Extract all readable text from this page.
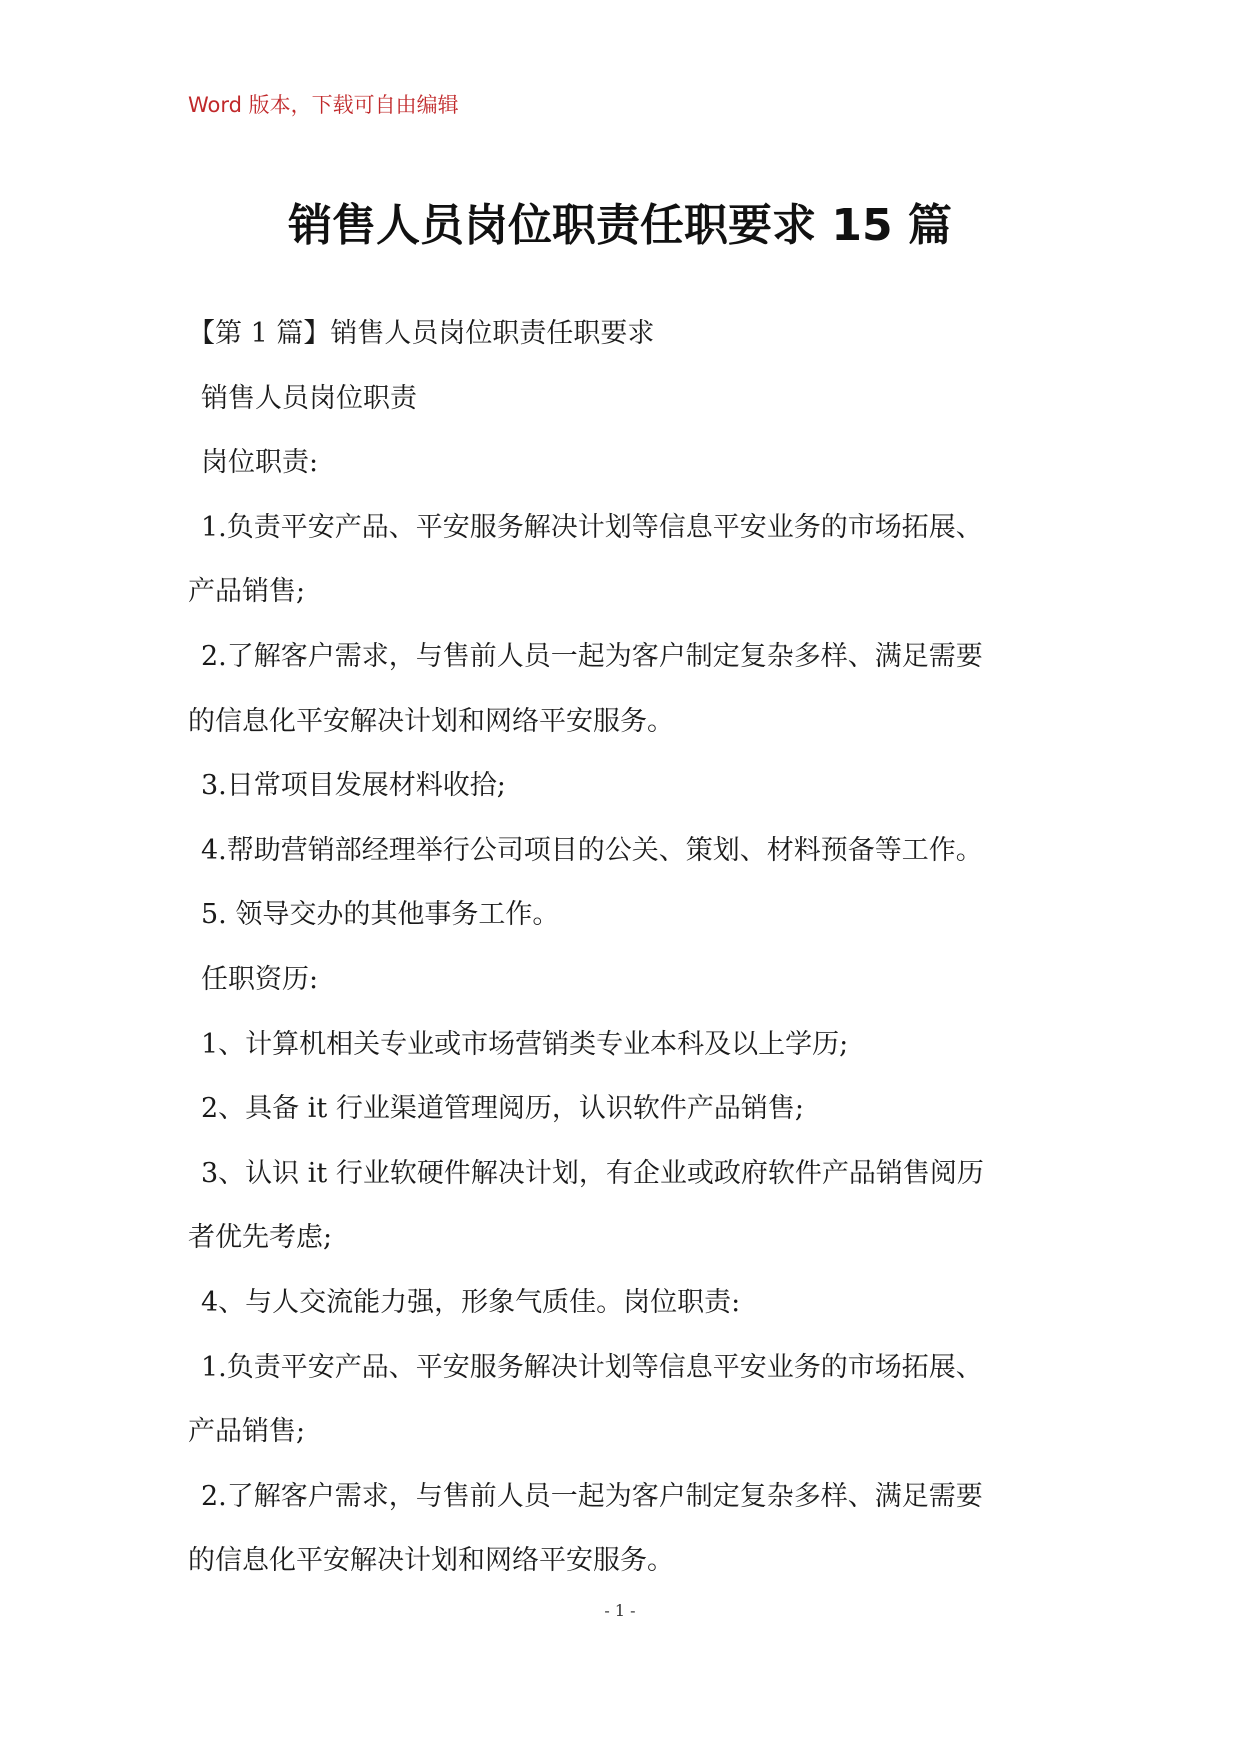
Word 版本，下载可自由编辑
销售人员岗位职责任职要求 15 篇
【第 1 篇】销售人员岗位职责任职要求
销售人员岗位职责
岗位职责:
1.负责平安产品、平安服务解决计划等信息平安业务的市场拓展、
产品销售;
2.了解客户需求，与售前人员一起为客户制定复杂多样、满足需要
的信息化平安解决计划和网络平安服务。
3.日常项目发展材料收拾;
4.帮助营销部经理举行公司项目的公关、策划、材料预备等工作。
5. 领导交办的其他事务工作。
任职资历:
1、计算机相关专业或市场营销类专业本科及以上学历;
2、具备 it 行业渠道管理阅历，认识软件产品销售;
3、认识 it 行业软硬件解决计划，有企业或政府软件产品销售阅历
者优先考虑;
4、与人交流能力强，形象气质佳。岗位职责:
1.负责平安产品、平安服务解决计划等信息平安业务的市场拓展、
产品销售;
2.了解客户需求，与售前人员一起为客户制定复杂多样、满足需要
的信息化平安解决计划和网络平安服务。
- 1 -
